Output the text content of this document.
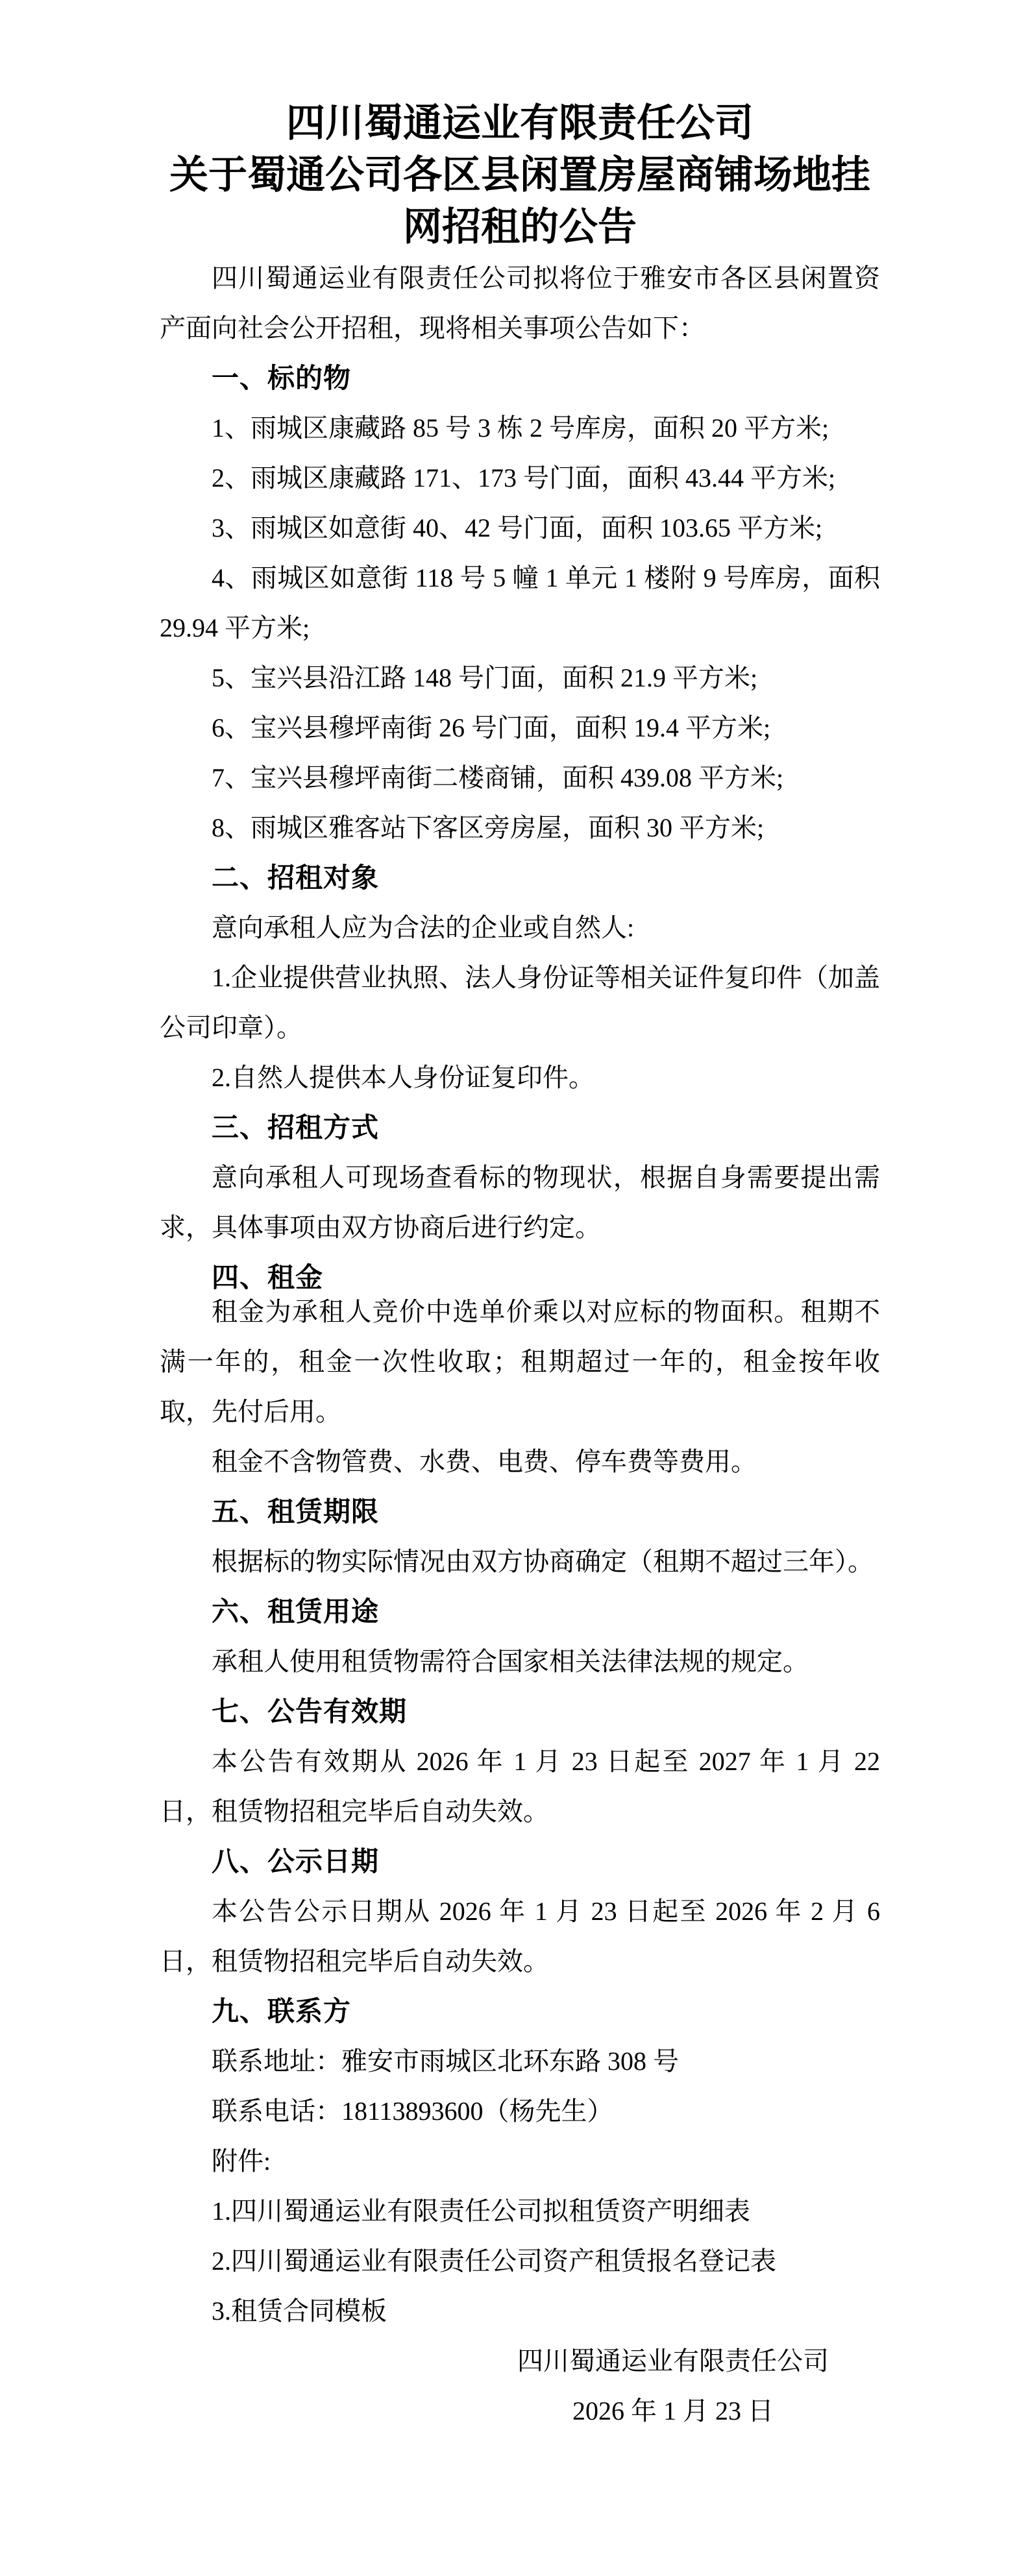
四川蜀通运业有限责任公司
关于蜀通公司各区县闲置房屋商铺场地挂
网招租的公告

四川蜀通运业有限责任公司拟将位于雅安市各区县闲置资产面向社会公开招租，现将相关事项公告如下：

一、标的物

1、雨城区康藏路 85 号 3 栋 2 号库房，面积 20 平方米;

2、雨城区康藏路 171、173 号门面，面积 43.44 平方米;

3、雨城区如意街 40、42 号门面，面积 103.65 平方米;

4、雨城区如意街 118 号 5 幢 1 单元 1 楼附 9 号库房，面积 29.94 平方米;

5、宝兴县沿江路 148 号门面，面积 21.9 平方米;

6、宝兴县穆坪南街 26 号门面，面积 19.4 平方米;

7、宝兴县穆坪南街二楼商铺，面积 439.08 平方米;

8、雨城区雅客站下客区旁房屋，面积 30 平方米;

二、招租对象

意向承租人应为合法的企业或自然人:

1.企业提供营业执照、法人身份证等相关证件复印件（加盖公司印章）。

2.自然人提供本人身份证复印件。

三、招租方式

意向承租人可现场查看标的物现状，根据自身需要提出需求，具体事项由双方协商后进行约定。

四、租金

租金为承租人竞价中选单价乘以对应标的物面积。租期不满一年的，租金一次性收取；租期超过一年的，租金按年收取，先付后用。

租金不含物管费、水费、电费、停车费等费用。

五、租赁期限

根据标的物实际情况由双方协商确定（租期不超过三年）。

六、租赁用途

承租人使用租赁物需符合国家相关法律法规的规定。

七、公告有效期

本公告有效期从 2026 年 1 月 23 日起至 2027 年 1 月 22 日，租赁物招租完毕后自动失效。

八、公示日期

本公告公示日期从 2026 年 1 月 23 日起至 2026 年 2 月 6 日，租赁物招租完毕后自动失效。

九、联系方

联系地址：雅安市雨城区北环东路 308 号

联系电话：18113893600（杨先生）

附件:

1.四川蜀通运业有限责任公司拟租赁资产明细表

2.四川蜀通运业有限责任公司资产租赁报名登记表

3.租赁合同模板

四川蜀通运业有限责任公司

2026 年 1 月 23 日
